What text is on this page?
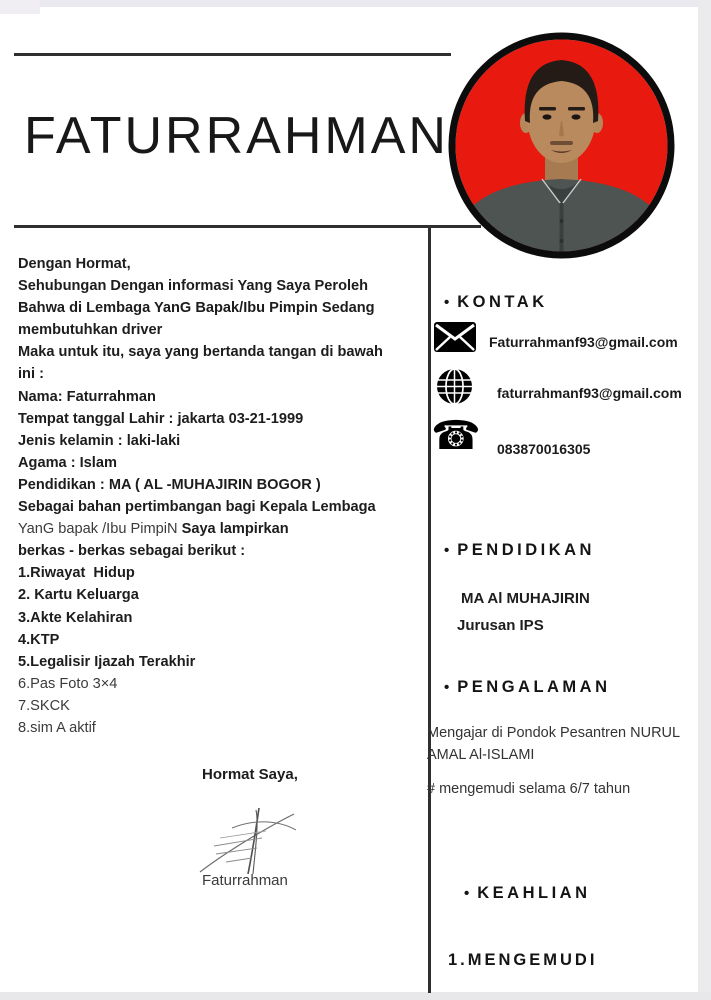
FATURRAHMAN
Dengan Hormat,
Sehubungan Dengan informasi Yang Saya Peroleh
Bahwa di Lembaga YanG Bapak/Ibu Pimpin Sedang
membutuhkan driver
Maka untuk itu, saya yang bertanda tangan di bawah
ini :
Nama: Faturrahman
Tempat tanggal Lahir : jakarta 03-21-1999
Jenis kelamin : laki-laki
Agama : Islam
Pendidikan : MA ( AL -MUHAJIRIN BOGOR )
Sebagai bahan pertimbangan bagi Kepala Lembaga
YanG bapak /Ibu PimpiN Saya lampirkan
berkas - berkas sebagai berikut :
1.Riwayat  Hidup
2. Kartu Keluarga
3.Akte Kelahiran
4.KTP
5.Legalisir Ijazah Terakhir
6.Pas Foto 3×4
7.SKCK
8.sim A aktif
Hormat Saya,
Faturrahman
• KONTAK
Faturrahmanf93@gmail.com
faturrahmanf93@gmail.com
☎ 083870016305
• PENDIDIKAN
MA Al MUHAJIRIN
Jurusan IPS
• PENGALAMAN
Mengajar di Pondok Pesantren NURUL AMAL Al-ISLAMI
# mengemudi selama 6/7 tahun
• KEAHLIAN
1.MENGEMUDI
